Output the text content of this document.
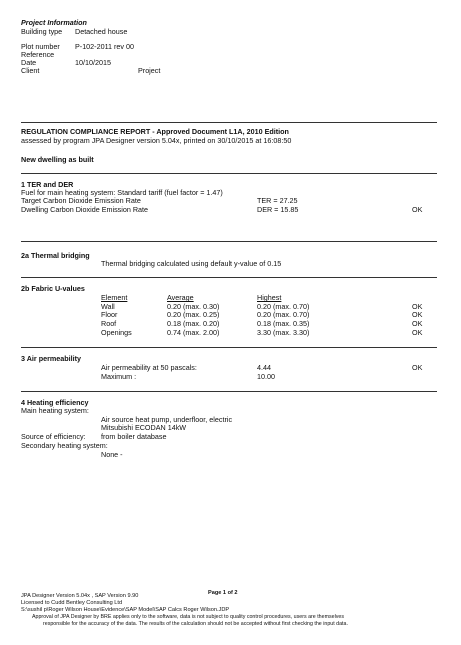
Project Information
Building type Detached house
Plot number P-102-2011 rev 00
Reference
Date	10/10/2015
Client	Project
REGULATION COMPLIANCE REPORT - Approved Document L1A, 2010 Edition
assessed by program JPA Designer version 5.04x, printed on 30/10/2015 at 16:08:50
New dwelling as built
1 TER and DER
Fuel for main heating system: Standard tariff (fuel factor = 1.47)
Target Carbon Dioxide Emission Rate	TER = 27.25
Dwelling Carbon Dioxide Emission Rate	DER = 15.85	OK
2a Thermal bridging
Thermal bridging calculated using default y-value of 0.15
2b Fabric U-values
Element	Average	Highest
Wall	0.20 (max. 0.30)	0.20 (max. 0.70)	OK
Floor	0.20 (max. 0.25)	0.20 (max. 0.70)	OK
Roof	0.18 (max. 0.20)	0.18 (max. 0.35)	OK
Openings	0.74 (max. 2.00)	3.30 (max. 3.30)	OK
3 Air permeability
Air permeability at 50 pascals:	4.44	OK
Maximum :	10.00
4 Heating efficiency
Main heating system:
Air source heat pump, underfloor, electric
Mitsubishi ECODAN 14kW
Source of efficiency: from boiler database
Secondary heating system:
None -
JPA Designer Version 5.04x , SAP Version 9.90	Page 1 of 2
Licensed to Cudd Bentley Consulting Ltd
S:\sushil p\Roger Wilson House\Evidence\SAP Model\SAP Calcs Roger Wilson.JDP
Approval of JPA Designer by BRE applies only to the software, data is not subject to quality control procedures, users are themselves
responsible for the accuracy of the data. The results of the calculation should not be accepted without first checking the input data.
